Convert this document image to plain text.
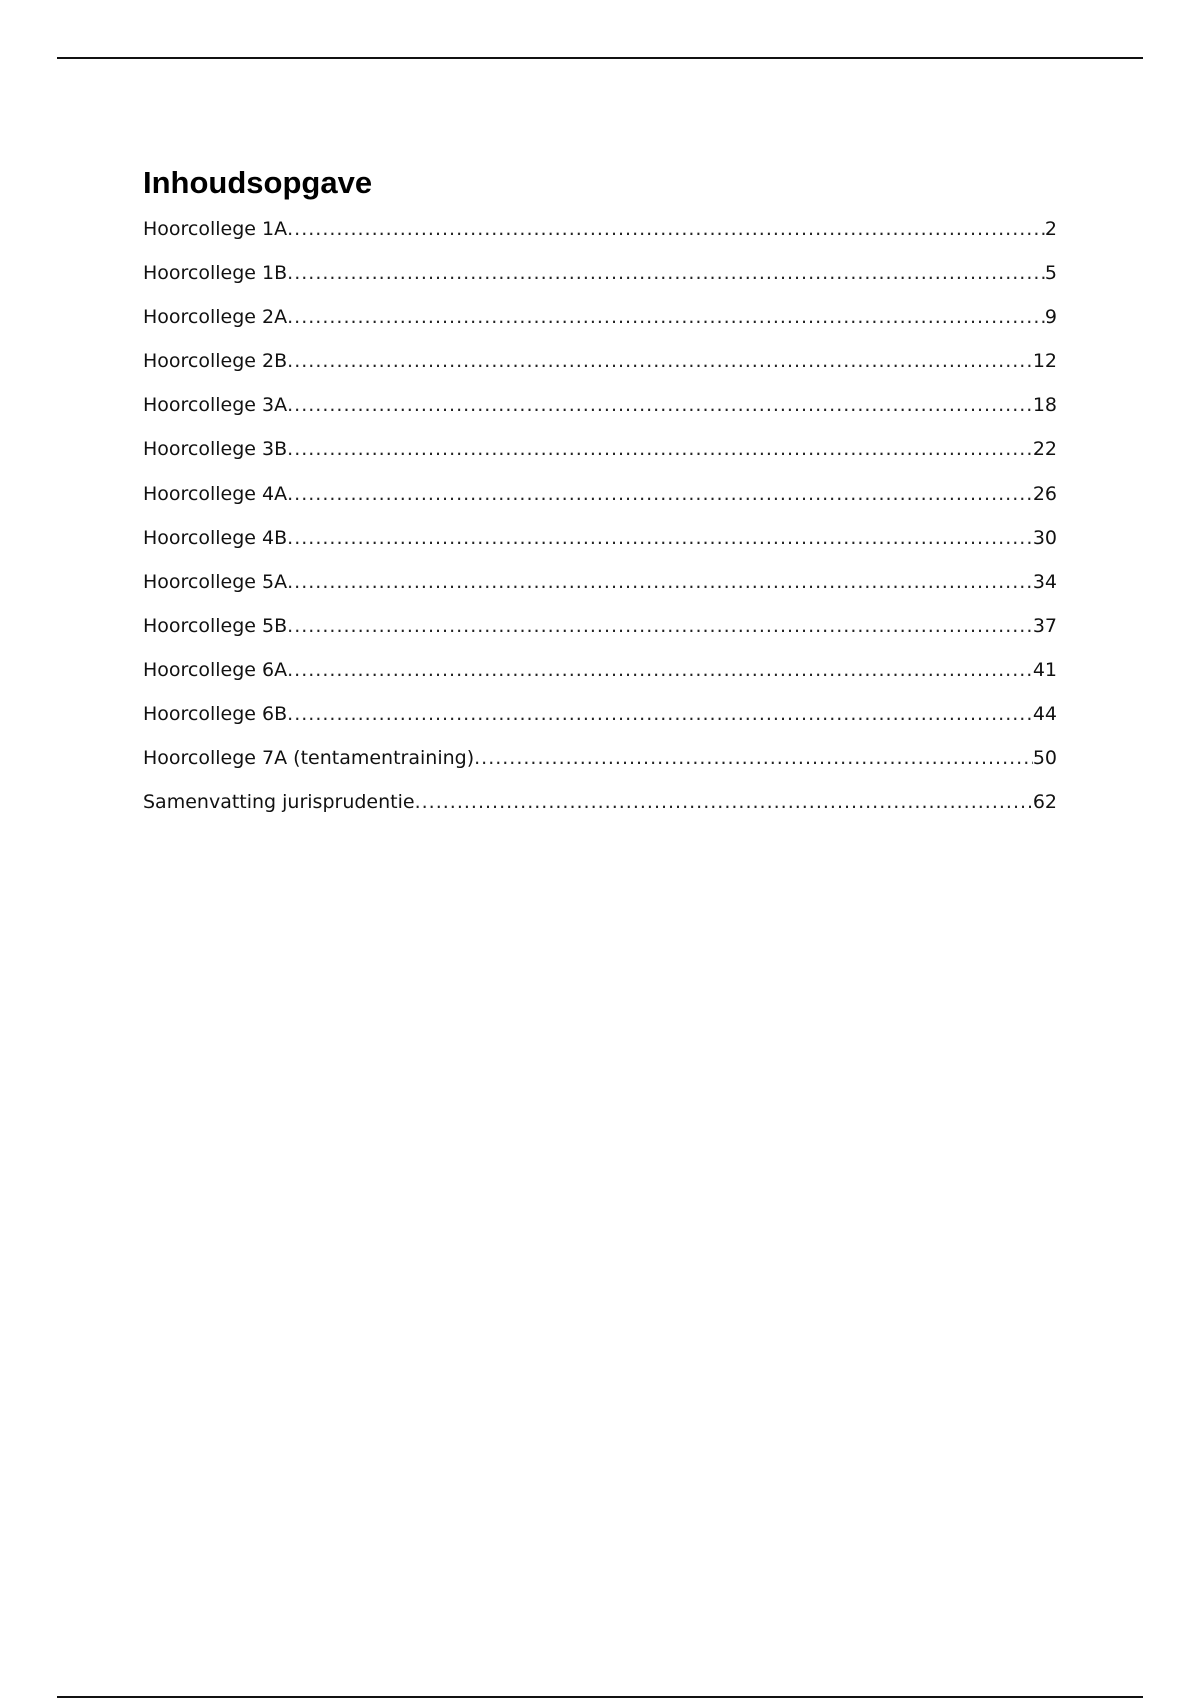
Inhoudsopgave
Hoorcollege 1A .....	2
Hoorcollege 1B .....	5
Hoorcollege 2A .....	9
Hoorcollege 2B .....	12
Hoorcollege 3A .....	18
Hoorcollege 3B .....	22
Hoorcollege 4A .....	26
Hoorcollege 4B .....	30
Hoorcollege 5A .....	34
Hoorcollege 5B .....	37
Hoorcollege 6A .....	41
Hoorcollege 6B .....	44
Hoorcollege 7A (tentamentraining) .....	50
Samenvatting jurisprudentie .....	62
